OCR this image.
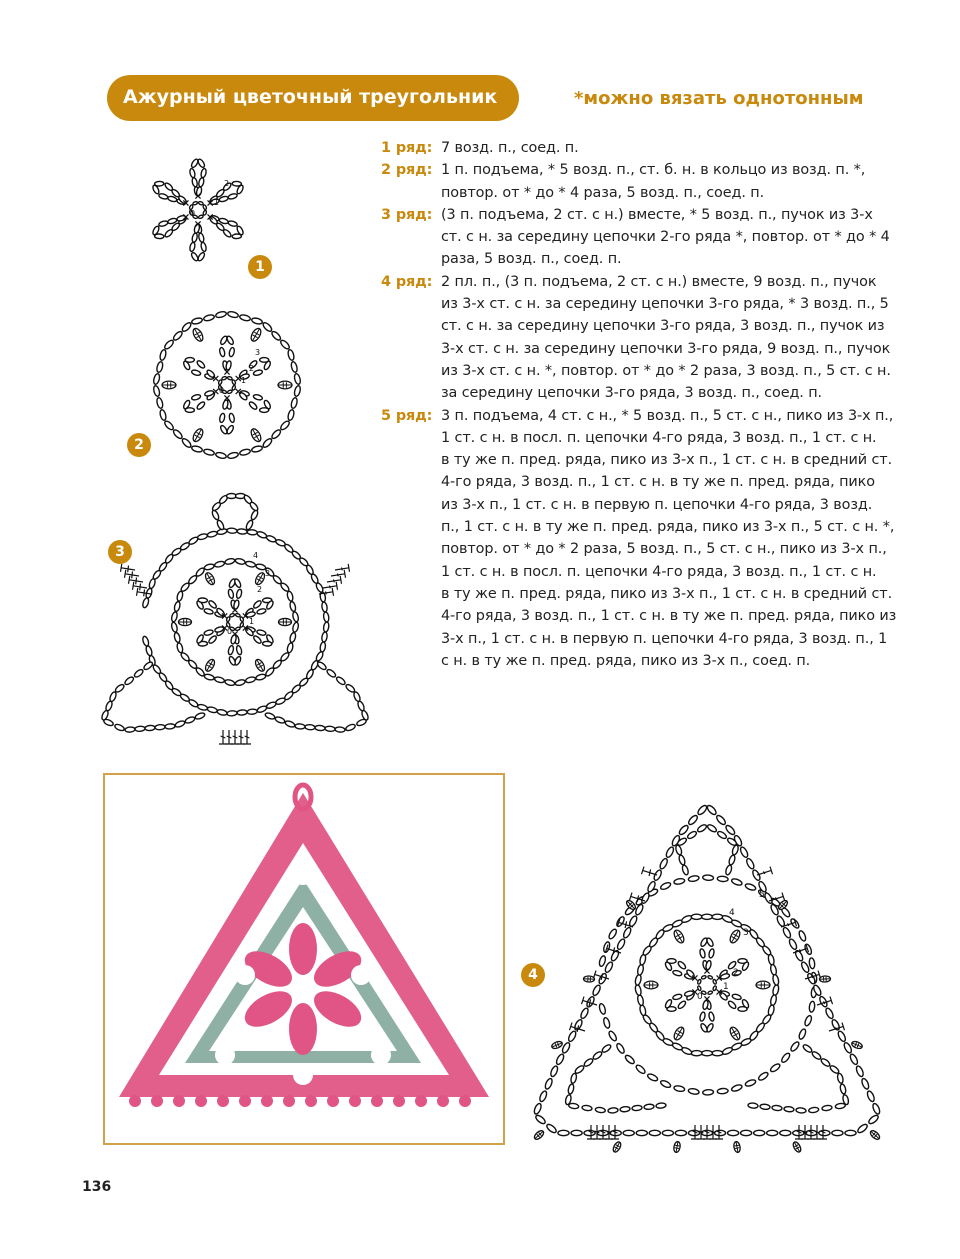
Ажурный цветочный треугольник	*можно вязать однотонным
1 ряд: 7 возд. п., соед. п.
2 ряд: 1 п. подъема, * 5 возд. п., ст. б. н. в кольцо из возд. п. *,
повтор. от * до * 4 раза, 5 возд. п., соед. п.
3 ряд: (3 п. подъема, 2 ст. с н.) вместе, * 5 возд. п., пучок из 3-х
ст. с н. за середину цепочки 2-го ряда *, повтор. от * до * 4
раза, 5 возд. п., соед. п.
4 ряд: 2 пл. п., (3 п. подъема, 2 ст. с н.) вместе, 9 возд. п., пучок
из 3-х ст. с н. за середину цепочки 3-го ряда, * 3 возд. п., 5
ст. с н. за середину цепочки 3-го ряда, 3 возд. п., пучок из
3-х ст. с н. за середину цепочки 3-го ряда, 9 возд. п., пучок
из 3-х ст. с н. *, повтор. от * до * 2 раза, 3 возд. п., 5 ст. с н.
за середину цепочки 3-го ряда, 3 возд. п., соед. п.
5 ряд: 3 п. подъема, 4 ст. с н., * 5 возд. п., 5 ст. с н., пико из 3-х п.,
1 ст. с н. в посл. п. цепочки 4-го ряда, 3 возд. п., 1 ст. с н.
в ту же п. пред. ряда, пико из 3-х п., 1 ст. с н. в средний ст.
4-го ряда, 3 возд. п., 1 ст. с н. в ту же п. пред. ряда, пико
из 3-х п., 1 ст. с н. в первую п. цепочки 4-го ряда, 3 возд.
п., 1 ст. с н. в ту же п. пред. ряда, пико из 3-х п., 5 ст. с н. *,
повтор. от * до * 2 раза, 5 возд. п., 5 ст. с н., пико из 3-х п.,
1 ст. с н. в посл. п. цепочки 4-го ряда, 3 возд. п., 1 ст. с н.
в ту же п. пред. ряда, пико из 3-х п., 1 ст. с н. в средний ст.
4-го ряда, 3 возд. п., 1 ст. с н. в ту же п. пред. ряда, пико из
3-х п., 1 ст. с н. в первую п. цепочки 4-го ряда, 3 возд. п., 1
с н. в ту же п. пред. ряда, пико из 3-х п., соед. п.
2
1
0
1
3
2
1
0
2
4
3
2
1
0
3
5
4
3
2
1
0
4
136
